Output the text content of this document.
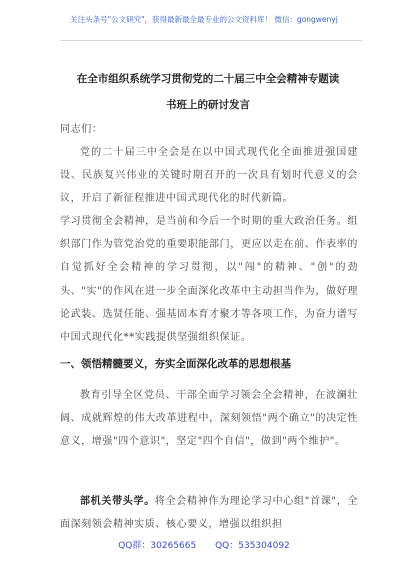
关注头条号"公文研究"，获得最新最全最专业的公文资料库！ 微信：gongwenyj
在全市组织系统学习贯彻党的二十届三中全会精神专题读
书班上的研讨发言
同志们：
党的二十届三中全会是在以中国式现代化全面推进强国建设、民族复兴伟业的关键时期召开的一次具有划时代意义的会议，开启了新征程推进中国式现代化的时代新篇。
学习贯彻全会精神，是当前和今后一个时期的重大政治任务。组织部门作为管党治党的重要职能部门，更应以走在前、作表率的自觉抓好全会精神的学习贯彻，以"闯"的精神、"创"的劲头、"实"的作风在进一步全面深化改革中主动担当作为，做好理论武装、选贤任能、强基固本育才聚才等各项工作，为奋力谱写中国式现代化**实践提供坚强组织保证。
一、领悟精髓要义，夯实全面深化改革的思想根基
教育引导全区党员、干部全面学习领会全会精神，在波澜壮阔、成就辉煌的伟大改革进程中，深刻领悟"两个确立"的决定性意义，增强"四个意识"，坚定"四个自信"，做到"两个维护"。
部机关带头学。将全会精神作为理论学习中心组"首课"，全面深刻领会精神实质、核心要义，增强以组织担
QQ群：30265665 QQ：535304092
